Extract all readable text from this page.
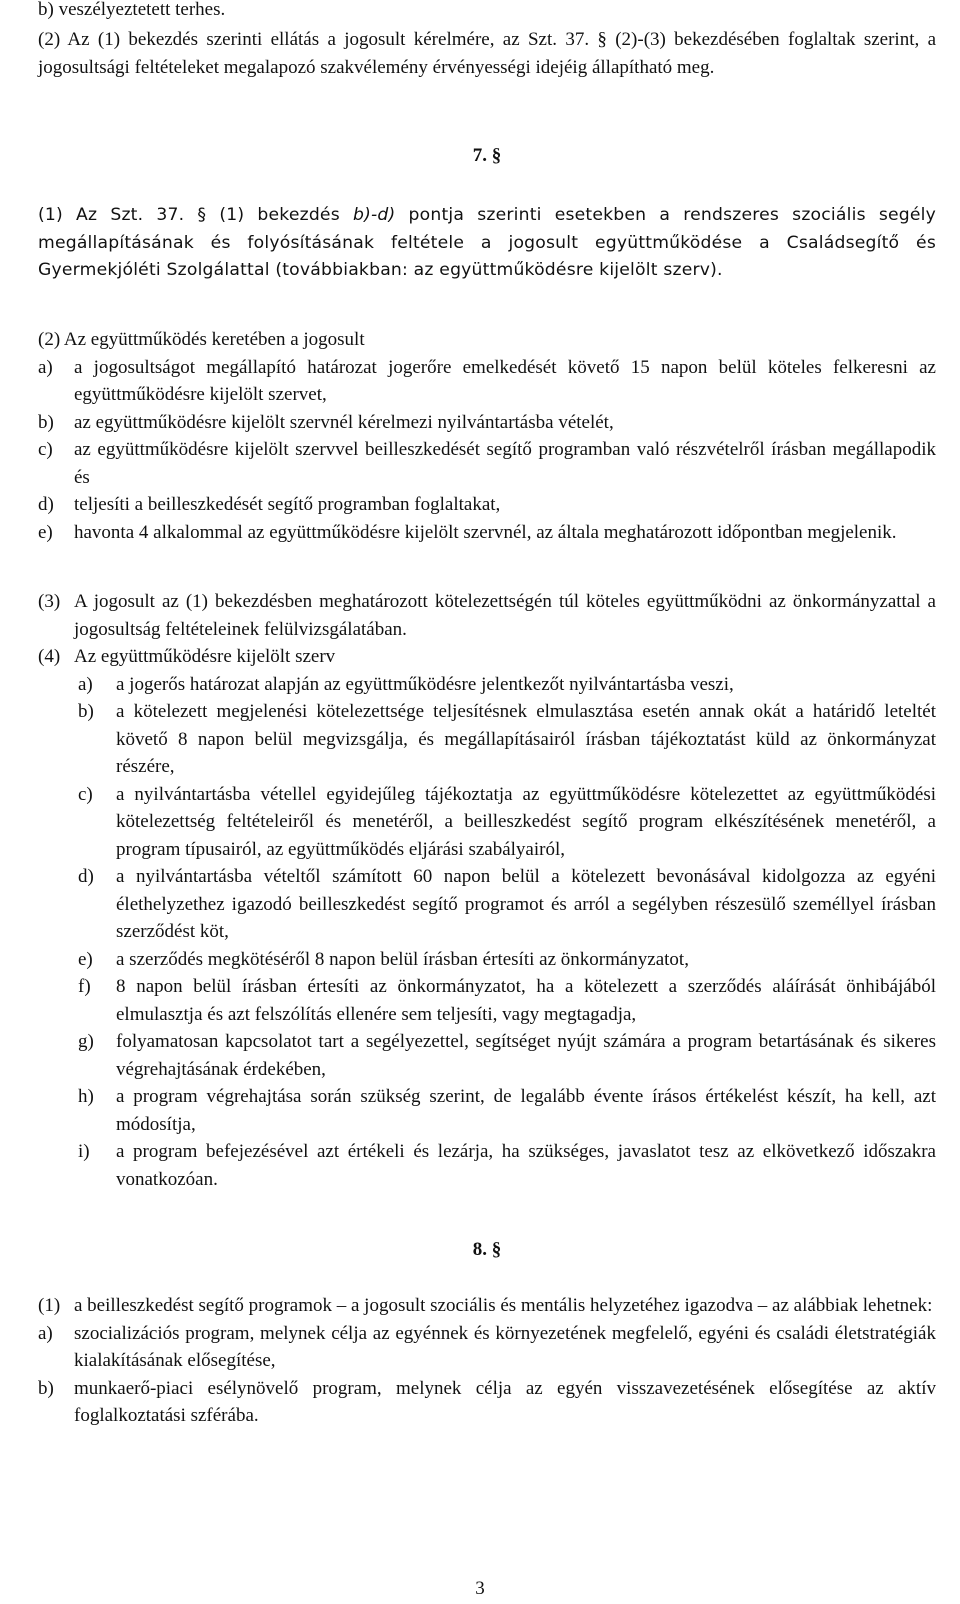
b) veszélyeztetett terhes.

(2) Az (1) bekezdés szerinti ellátás a jogosult kérelmére, az Szt. 37. § (2)-(3) bekezdésében foglaltak szerint, a jogosultsági feltételeket megalapozó szakvélemény érvényességi idejéig állapítható meg.

7. §

(1) Az Szt. 37. § (1) bekezdés b)-d) pontja szerinti esetekben a rendszeres szociális segély megállapításának és folyósításának feltétele a jogosult együttműködése a Családsegítő és Gyermekjóléti Szolgálattal (továbbiakban: az együttműködésre kijelölt szerv).

(2) Az együttműködés keretében a jogosult

a)	a jogosultságot megállapító határozat jogerőre emelkedését követő 15 napon belül köteles felkeresni az együttműködésre kijelölt szervet,
b)	az együttműködésre kijelölt szervnél kérelmezi nyilvántartásba vételét,
c)	az együttműködésre kijelölt szervvel beilleszkedését segítő programban való részvételről írásban megállapodik és
d)	teljesíti a beilleszkedését segítő programban foglaltakat,
e)	havonta 4 alkalommal az együttműködésre kijelölt szervnél, az általa meghatározott időpontban megjelenik.
(3) A jogosult az (1) bekezdésben meghatározott kötelezettségén túl köteles együttműködni az önkormányzattal a jogosultság feltételeinek felülvizsgálatában.
(4) Az együttműködésre kijelölt szerv
a)	a jogerős határozat alapján az együttműködésre jelentkezőt nyilvántartásba veszi,
b)	a kötelezett megjelenési kötelezettsége teljesítésnek elmulasztása esetén annak okát a határidő leteltét követő 8 napon belül megvizsgálja, és megállapításairól írásban tájékoztatást küld az önkormányzat részére,
c)	a nyilvántartásba vétellel egyidejűleg tájékoztatja az együttműködésre kötelezettet az együttműködési kötelezettség feltételeiről és menetéről, a beilleszkedést segítő program elkészítésének menetéről, a program típusairól, az együttműködés eljárási szabályairól,
d)	a nyilvántartásba vételtől számított 60 napon belül a kötelezett bevonásával kidolgozza az egyéni élethelyzethez igazodó beilleszkedést segítő programot és arról a segélyben részesülő személlyel írásban szerződést köt,
e)	a szerződés megkötéséről 8 napon belül írásban értesíti az önkormányzatot,
f)	8 napon belül írásban értesíti az önkormányzatot, ha a kötelezett a szerződés aláírását önhibájából elmulasztja és azt felszólítás ellenére sem teljesíti, vagy megtagadja,
g)	folyamatosan kapcsolatot tart a segélyezettel, segítséget nyújt számára a program betartásának és sikeres végrehajtásának érdekében,
h)	a program végrehajtása során szükség szerint, de legalább évente írásos értékelést készít, ha kell, azt módosítja,
i)	a program befejezésével azt értékeli és lezárja, ha szükséges, javaslatot tesz az elkövetkező időszakra vonatkozóan.

8. §

(1) a beilleszkedést segítő programok – a jogosult szociális és mentális helyzetéhez igazodva – az alábbiak lehetnek:
a)	szocializációs program, melynek célja az egyénnek és környezetének megfelelő, egyéni és családi életstratégiák kialakításának elősegítése,
b)	munkaerő-piaci esélynövelő program, melynek célja az egyén visszavezetésének elősegítése az aktív foglalkoztatási szférába.
3
